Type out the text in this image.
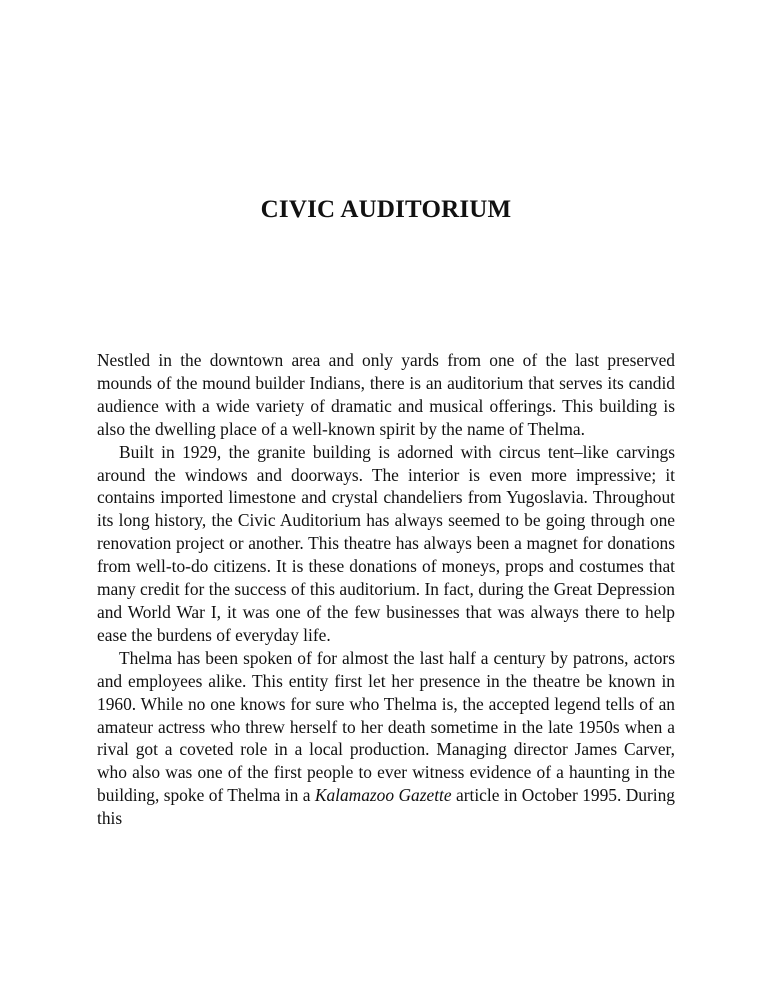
CIVIC AUDITORIUM

Nestled in the downtown area and only yards from one of the last preserved mounds of the mound builder Indians, there is an auditorium that serves its candid audience with a wide variety of dramatic and musical offerings. This building is also the dwelling place of a well-known spirit by the name of Thelma.

Built in 1929, the granite building is adorned with circus tent–like carvings around the windows and doorways. The interior is even more impressive; it contains imported limestone and crystal chandeliers from Yugoslavia. Throughout its long history, the Civic Auditorium has always seemed to be going through one renovation project or another. This theatre has always been a magnet for donations from well-to-do citizens. It is these donations of moneys, props and costumes that many credit for the success of this auditorium. In fact, during the Great Depression and World War I, it was one of the few businesses that was always there to help ease the burdens of everyday life.

Thelma has been spoken of for almost the last half a century by patrons, actors and employees alike. This entity first let her presence in the theatre be known in 1960. While no one knows for sure who Thelma is, the accepted legend tells of an amateur actress who threw herself to her death sometime in the late 1950s when a rival got a coveted role in a local production. Managing director James Carver, who also was one of the first people to ever witness evidence of a haunting in the building, spoke of Thelma in a Kalamazoo Gazette article in October 1995. During this
